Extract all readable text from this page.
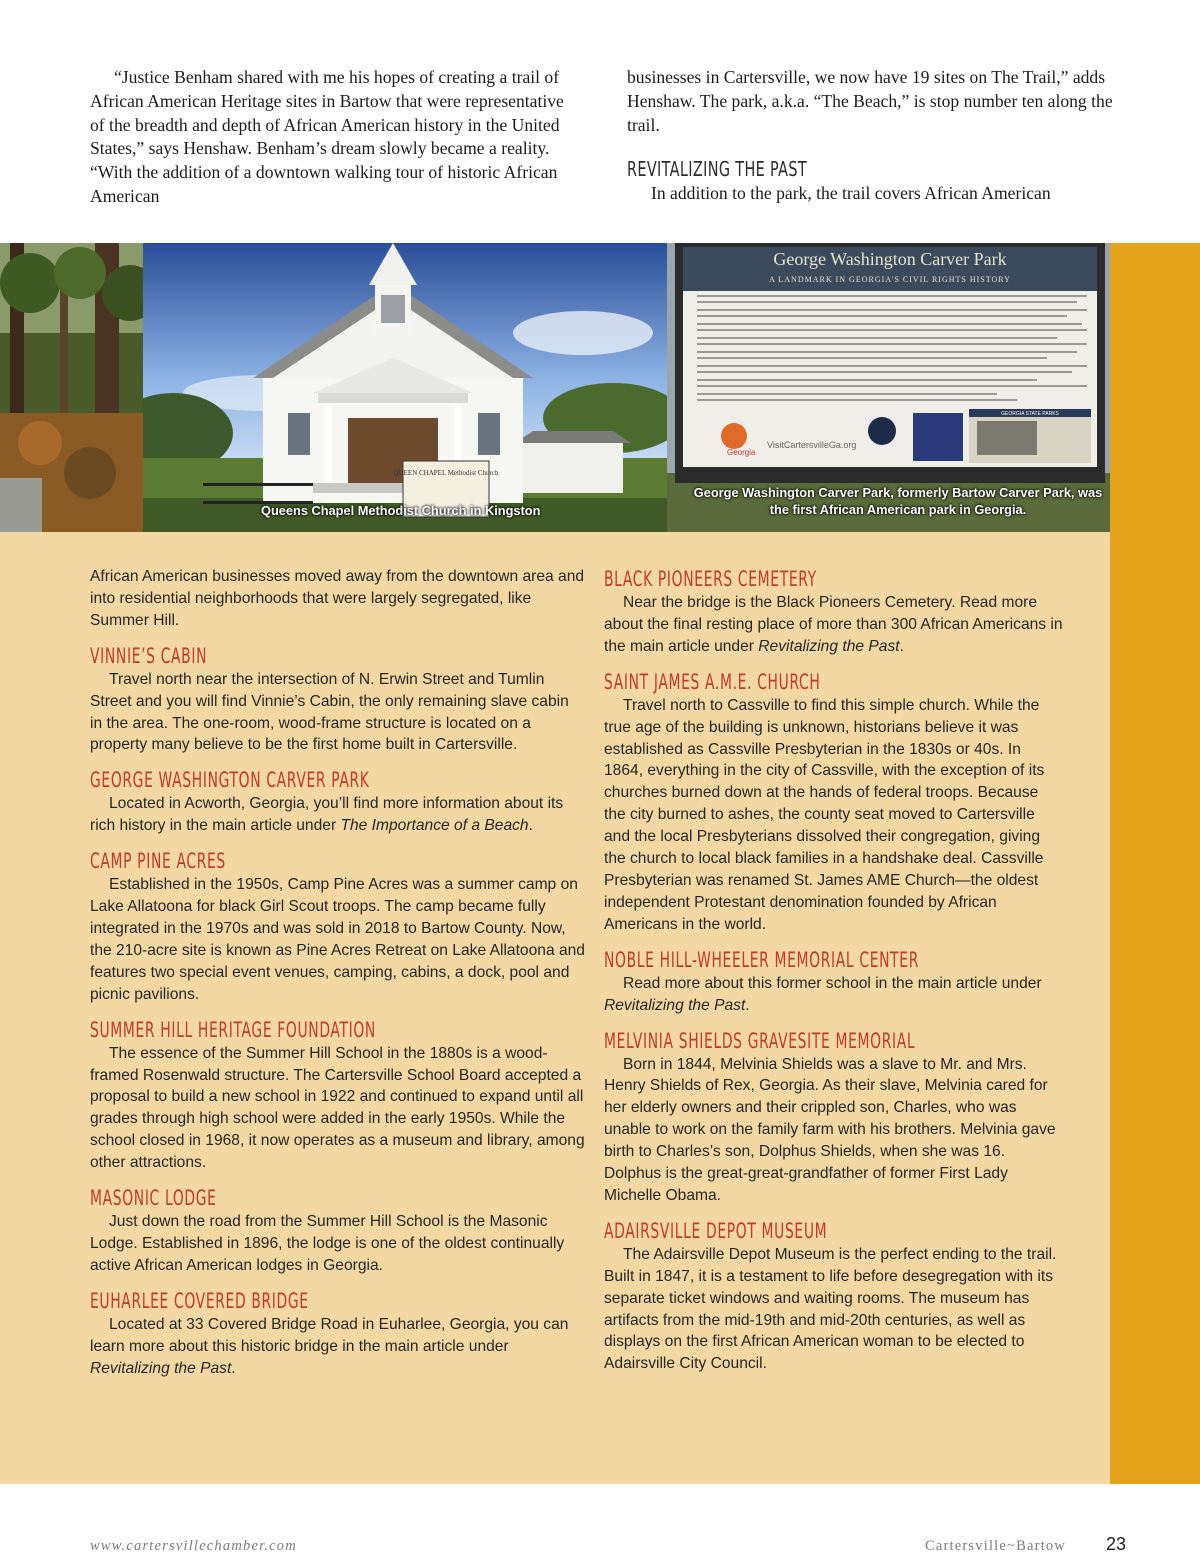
“Justice Benham shared with me his hopes of creating a trail of African American Heritage sites in Bartow that were representative of the breadth and depth of African American history in the United States,” says Henshaw. Benham’s dream slowly became a reality. “With the addition of a downtown walking tour of historic African American

businesses in Cartersville, we now have 19 sites on The Trail,” adds Henshaw. The park, a.k.a. “The Beach,” is stop number ten along the trail.

REVITALIZING THE PAST

In addition to the park, the trail covers African American

QUEEN CHAPEL Methodist Church
Queens Chapel Methodist Church in Kingston
George Washington Carver Park
A LANDMARK IN GEORGIA'S CIVIL RIGHTS HISTORY
Georgia
VisitCartersvilleGa.org
GEORGIA STATE PARKS
George Washington Carver Park, formerly Bartow Carver Park, was the first African American park in Georgia.

African American businesses moved away from the downtown area and into residential neighborhoods that were largely segregated, like Summer Hill.

VINNIE’S CABIN

Travel north near the intersection of N. Erwin Street and Tumlin Street and you will find Vinnie’s Cabin, the only remaining slave cabin in the area. The one-room, wood-frame structure is located on a property many believe to be the first home built in Cartersville.

GEORGE WASHINGTON CARVER PARK

Located in Acworth, Georgia, you’ll find more information about its rich history in the main article under The Importance of a Beach.

CAMP PINE ACRES

Established in the 1950s, Camp Pine Acres was a summer camp on Lake Allatoona for black Girl Scout troops. The camp became fully integrated in the 1970s and was sold in 2018 to Bartow County. Now, the 210-acre site is known as Pine Acres Retreat on Lake Allatoona and features two special event venues, camping, cabins, a dock, pool and picnic pavilions.

SUMMER HILL HERITAGE FOUNDATION

The essence of the Summer Hill School in the 1880s is a wood-framed Rosenwald structure. The Cartersville School Board accepted a proposal to build a new school in 1922 and continued to expand until all grades through high school were added in the early 1950s. While the school closed in 1968, it now operates as a museum and library, among other attractions.

MASONIC LODGE

Just down the road from the Summer Hill School is the Masonic Lodge. Established in 1896, the lodge is one of the oldest continually active African American lodges in Georgia.

EUHARLEE COVERED BRIDGE

Located at 33 Covered Bridge Road in Euharlee, Georgia, you can learn more about this historic bridge in the main article under Revitalizing the Past.

BLACK PIONEERS CEMETERY

Near the bridge is the Black Pioneers Cemetery. Read more about the final resting place of more than 300 African Americans in the main article under Revitalizing the Past.

SAINT JAMES A.M.E. CHURCH

Travel north to Cassville to find this simple church. While the true age of the building is unknown, historians believe it was established as Cassville Presbyterian in the 1830s or 40s. In 1864, everything in the city of Cassville, with the exception of its churches burned down at the hands of federal troops. Because the city burned to ashes, the county seat moved to Cartersville and the local Presbyterians dissolved their congregation, giving the church to local black families in a handshake deal. Cassville Presbyterian was renamed St. James AME Church—the oldest independent Protestant denomination founded by African Americans in the world.

NOBLE HILL-WHEELER MEMORIAL CENTER

Read more about this former school in the main article under Revitalizing the Past.

MELVINIA SHIELDS GRAVESITE MEMORIAL

Born in 1844, Melvinia Shields was a slave to Mr. and Mrs. Henry Shields of Rex, Georgia. As their slave, Melvinia cared for her elderly owners and their crippled son, Charles, who was unable to work on the family farm with his brothers. Melvinia gave birth to Charles’s son, Dolphus Shields, when she was 16. Dolphus is the great-great-grandfather of former First Lady Michelle Obama.

ADAIRSVILLE DEPOT MUSEUM

The Adairsville Depot Museum is the perfect ending to the trail. Built in 1847, it is a testament to life before desegregation with its separate ticket windows and waiting rooms. The museum has artifacts from the mid-19th and mid-20th centuries, as well as displays on the first African American woman to be elected to Adairsville City Council.

www.cartersvillechamber.com	Cartersville~Bartow 23
